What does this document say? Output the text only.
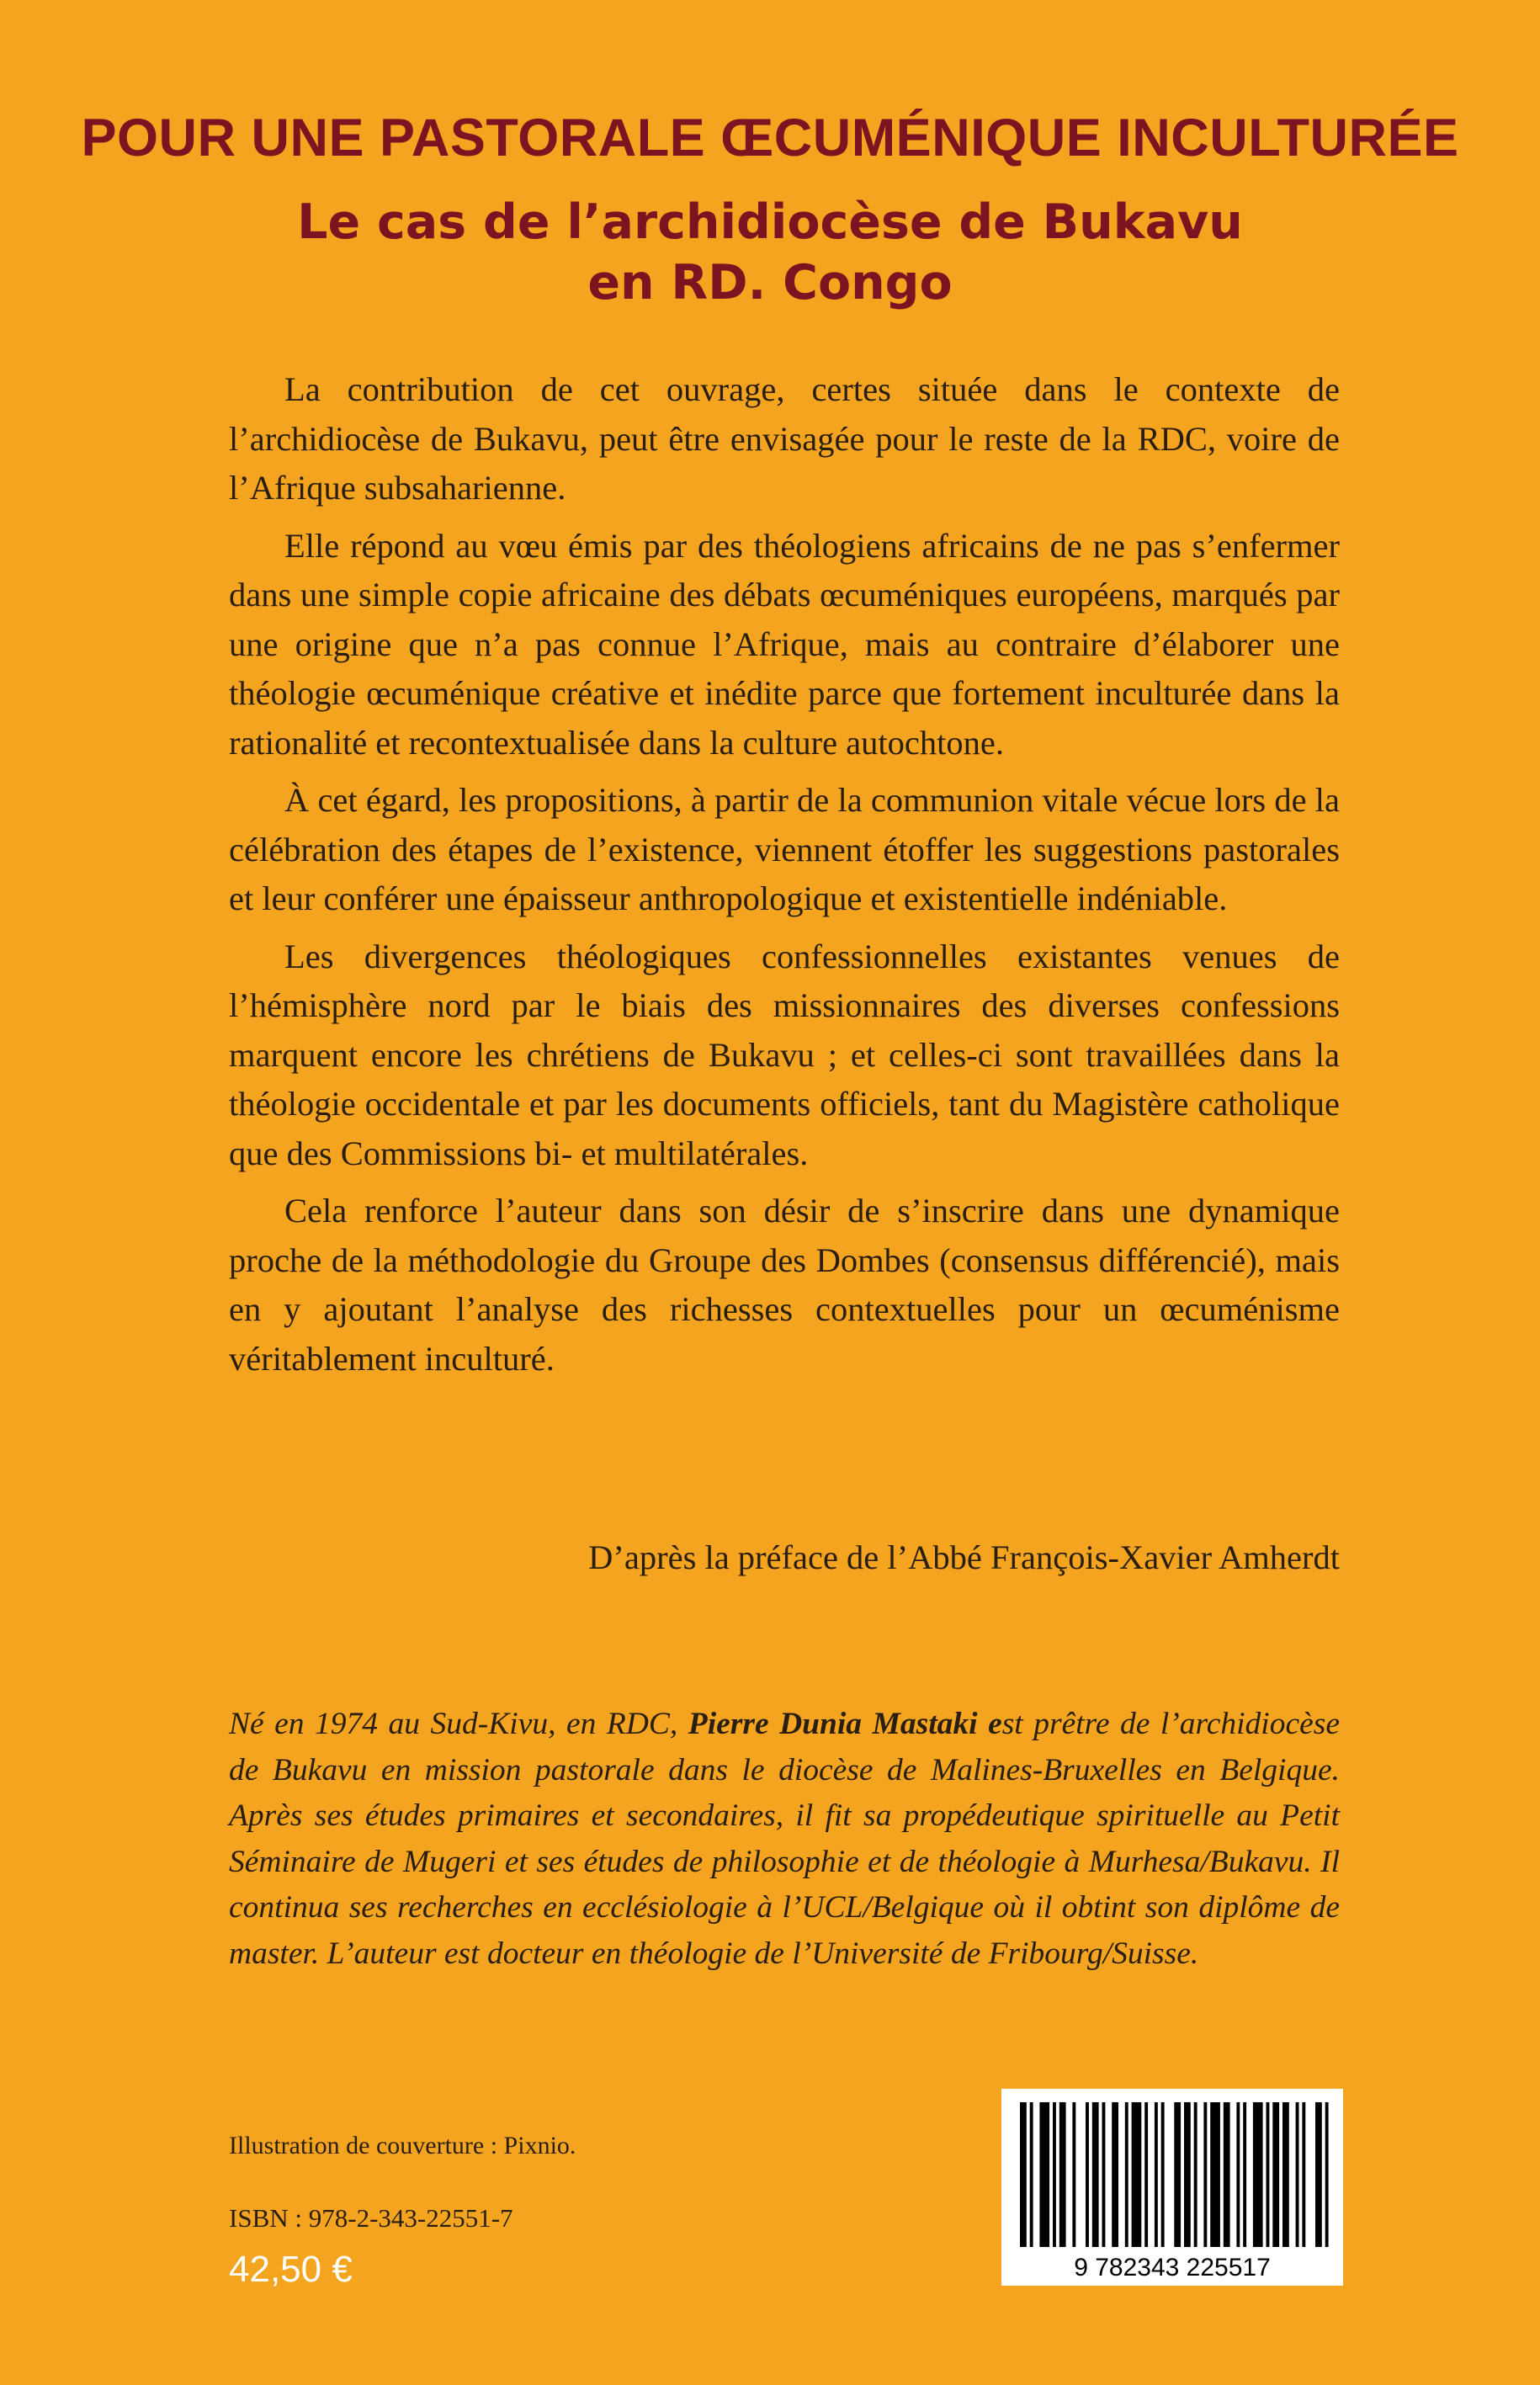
POUR UNE PASTORALE ŒCUMÉNIQUE INCULTURÉE
Le cas de l’archidiocèse de Bukavu
en RD. Congo

La contribution de cet ouvrage, certes située dans le contexte de l’archidiocèse de Bukavu, peut être envisagée pour le reste de la RDC, voire de l’Afrique subsaharienne.

Elle répond au vœu émis par des théologiens africains de ne pas s’enfermer dans une simple copie africaine des débats œcuméniques européens, marqués par une origine que n’a pas connue l’Afrique, mais au contraire d’élaborer une théologie œcuménique créative et inédite parce que fortement inculturée dans la rationalité et recontextualisée dans la culture autochtone.

À cet égard, les propositions, à partir de la communion vitale vécue lors de la célébration des étapes de l’existence, viennent étoffer les suggestions pastorales et leur conférer une épaisseur anthropologique et existentielle indéniable.

Les divergences théologiques confessionnelles existantes venues de l’hémisphère nord par le biais des missionnaires des diverses confessions marquent encore les chrétiens de Bukavu ; et celles-ci sont travaillées dans la théologie occidentale et par les documents officiels, tant du Magistère catholique que des Commissions bi- et multilatérales.

Cela renforce l’auteur dans son désir de s’inscrire dans une dynamique proche de la méthodologie du Groupe des Dombes (consensus différencié), mais en y ajoutant l’analyse des richesses contextuelles pour un œcuménisme véritablement inculturé.

D’après la préface de l’Abbé François-Xavier Amherdt

Né en 1974 au Sud-Kivu, en RDC, Pierre Dunia Mastaki est prêtre de l’archidiocèse de Bukavu en mission pastorale dans le diocèse de Malines-Bruxelles en Belgique. Après ses études primaires et secondaires, il fit sa propédeutique spirituelle au Petit Séminaire de Mugeri et ses études de philosophie et de théologie à Murhesa/Bukavu. Il continua ses recherches en ecclésiologie à l’UCL/Belgique où il obtint son diplôme de master. L’auteur est docteur en théologie de l’Université de Fribourg/Suisse.

Illustration de couverture : Pixnio.
ISBN : 978-2-343-22551-7
42,50 €	9 782343 225517
